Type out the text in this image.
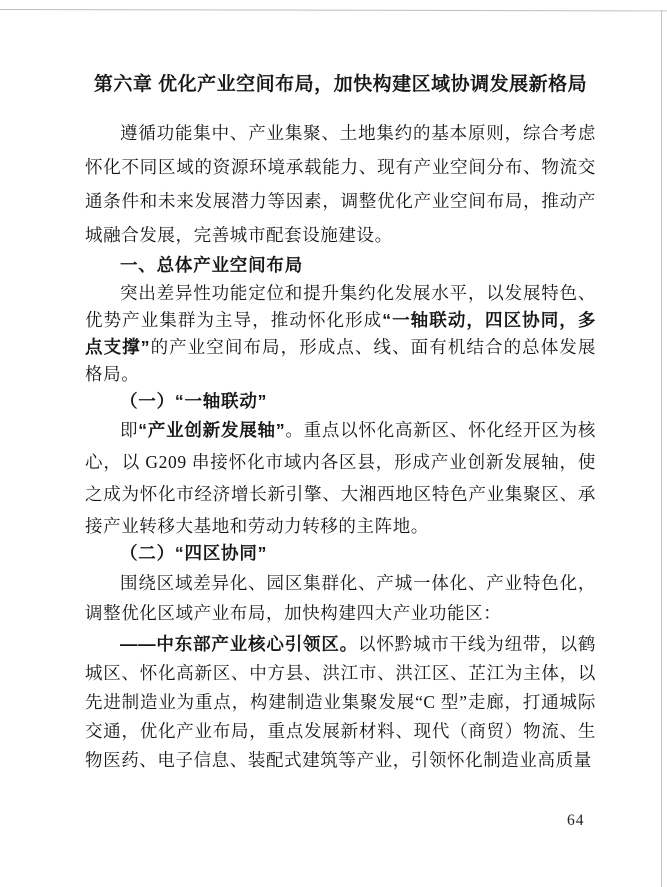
第六章 优化产业空间布局，加快构建区域协调发展新格局

遵循功能集中、产业集聚、土地集约的基本原则，综合考虑怀化不同区域的资源环境承载能力、现有产业空间分布、物流交通条件和未来发展潜力等因素，调整优化产业空间布局，推动产城融合发展，完善城市配套设施建设。

一、总体产业空间布局

突出差异性功能定位和提升集约化发展水平，以发展特色、优势产业集群为主导，推动怀化形成“一轴联动，四区协同，多点支撑”的产业空间布局，形成点、线、面有机结合的总体发展格局。

（一）“一轴联动”

即“产业创新发展轴”。重点以怀化高新区、怀化经开区为核心，以 G209 串接怀化市域内各区县，形成产业创新发展轴，使之成为怀化市经济增长新引擎、大湘西地区特色产业集聚区、承接产业转移大基地和劳动力转移的主阵地。

（二）“四区协同”

围绕区域差异化、园区集群化、产城一体化、产业特色化，调整优化区域产业布局，加快构建四大产业功能区：

——中东部产业核心引领区。以怀黔城市干线为纽带，以鹤城区、怀化高新区、中方县、洪江市、洪江区、芷江为主体，以先进制造业为重点，构建制造业集聚发展“C 型”走廊，打通城际交通，优化产业布局，重点发展新材料、现代（商贸）物流、生物医药、电子信息、装配式建筑等产业，引领怀化制造业高质量

64
